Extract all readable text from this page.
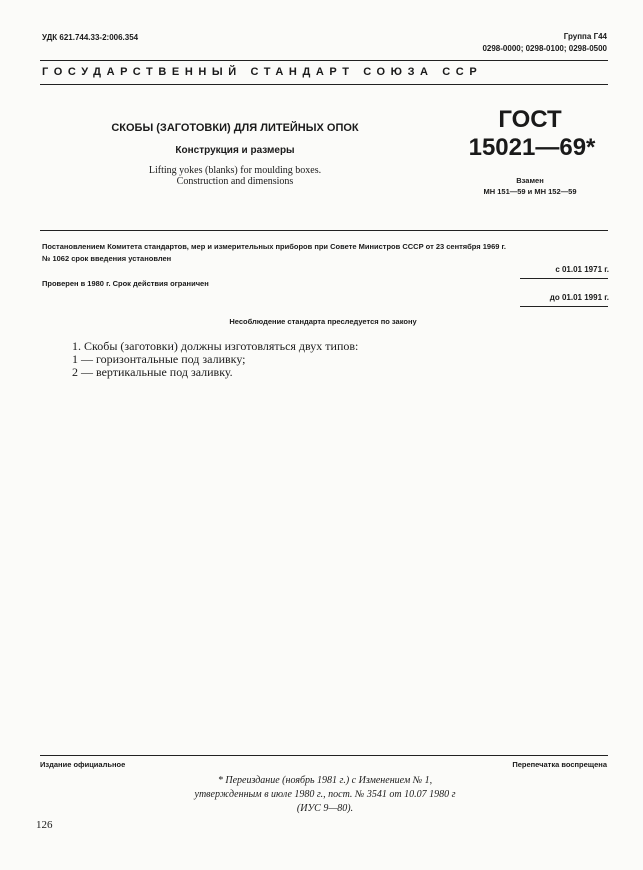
УДК 621.744.33-2:006.354	Группа Г44
0298-0000; 0298-0100; 0298-0500
ГОСУДАРСТВЕННЫЙ СТАНДАРТ СОЮЗА ССР
СКОБЫ (ЗАГОТОВКИ) ДЛЯ ЛИТЕЙНЫХ ОПОК
Конструкция и размеры
Lifting yokes (blanks) for moulding boxes.
Construction and dimensions
ГОСТ
15021—69*
Взамен
МН 151—59 и МН 152—59
Постановлением Комитета стандартов, мер и измерительных приборов при Совете Министров СССР от 23 сентября 1969 г.
№ 1062 срок введения установлен
с 01.01 1971 г.
Проверен в 1980 г. Срок действия ограничен
до 01.01 1991 г.
Несоблюдение стандарта преследуется по закону
1. Скобы (заготовки) должны изготовляться двух типов:
1 — горизонтальные под заливку;
2 — вертикальные под заливку.
Издание официальное	Перепечатка воспрещена
* Переиздание (ноябрь 1981 г.) с Изменением № 1,
утвержденным в июле 1980 г., пост. № 3541 от 10.07 1980 г
(ИУС 9—80).
126
